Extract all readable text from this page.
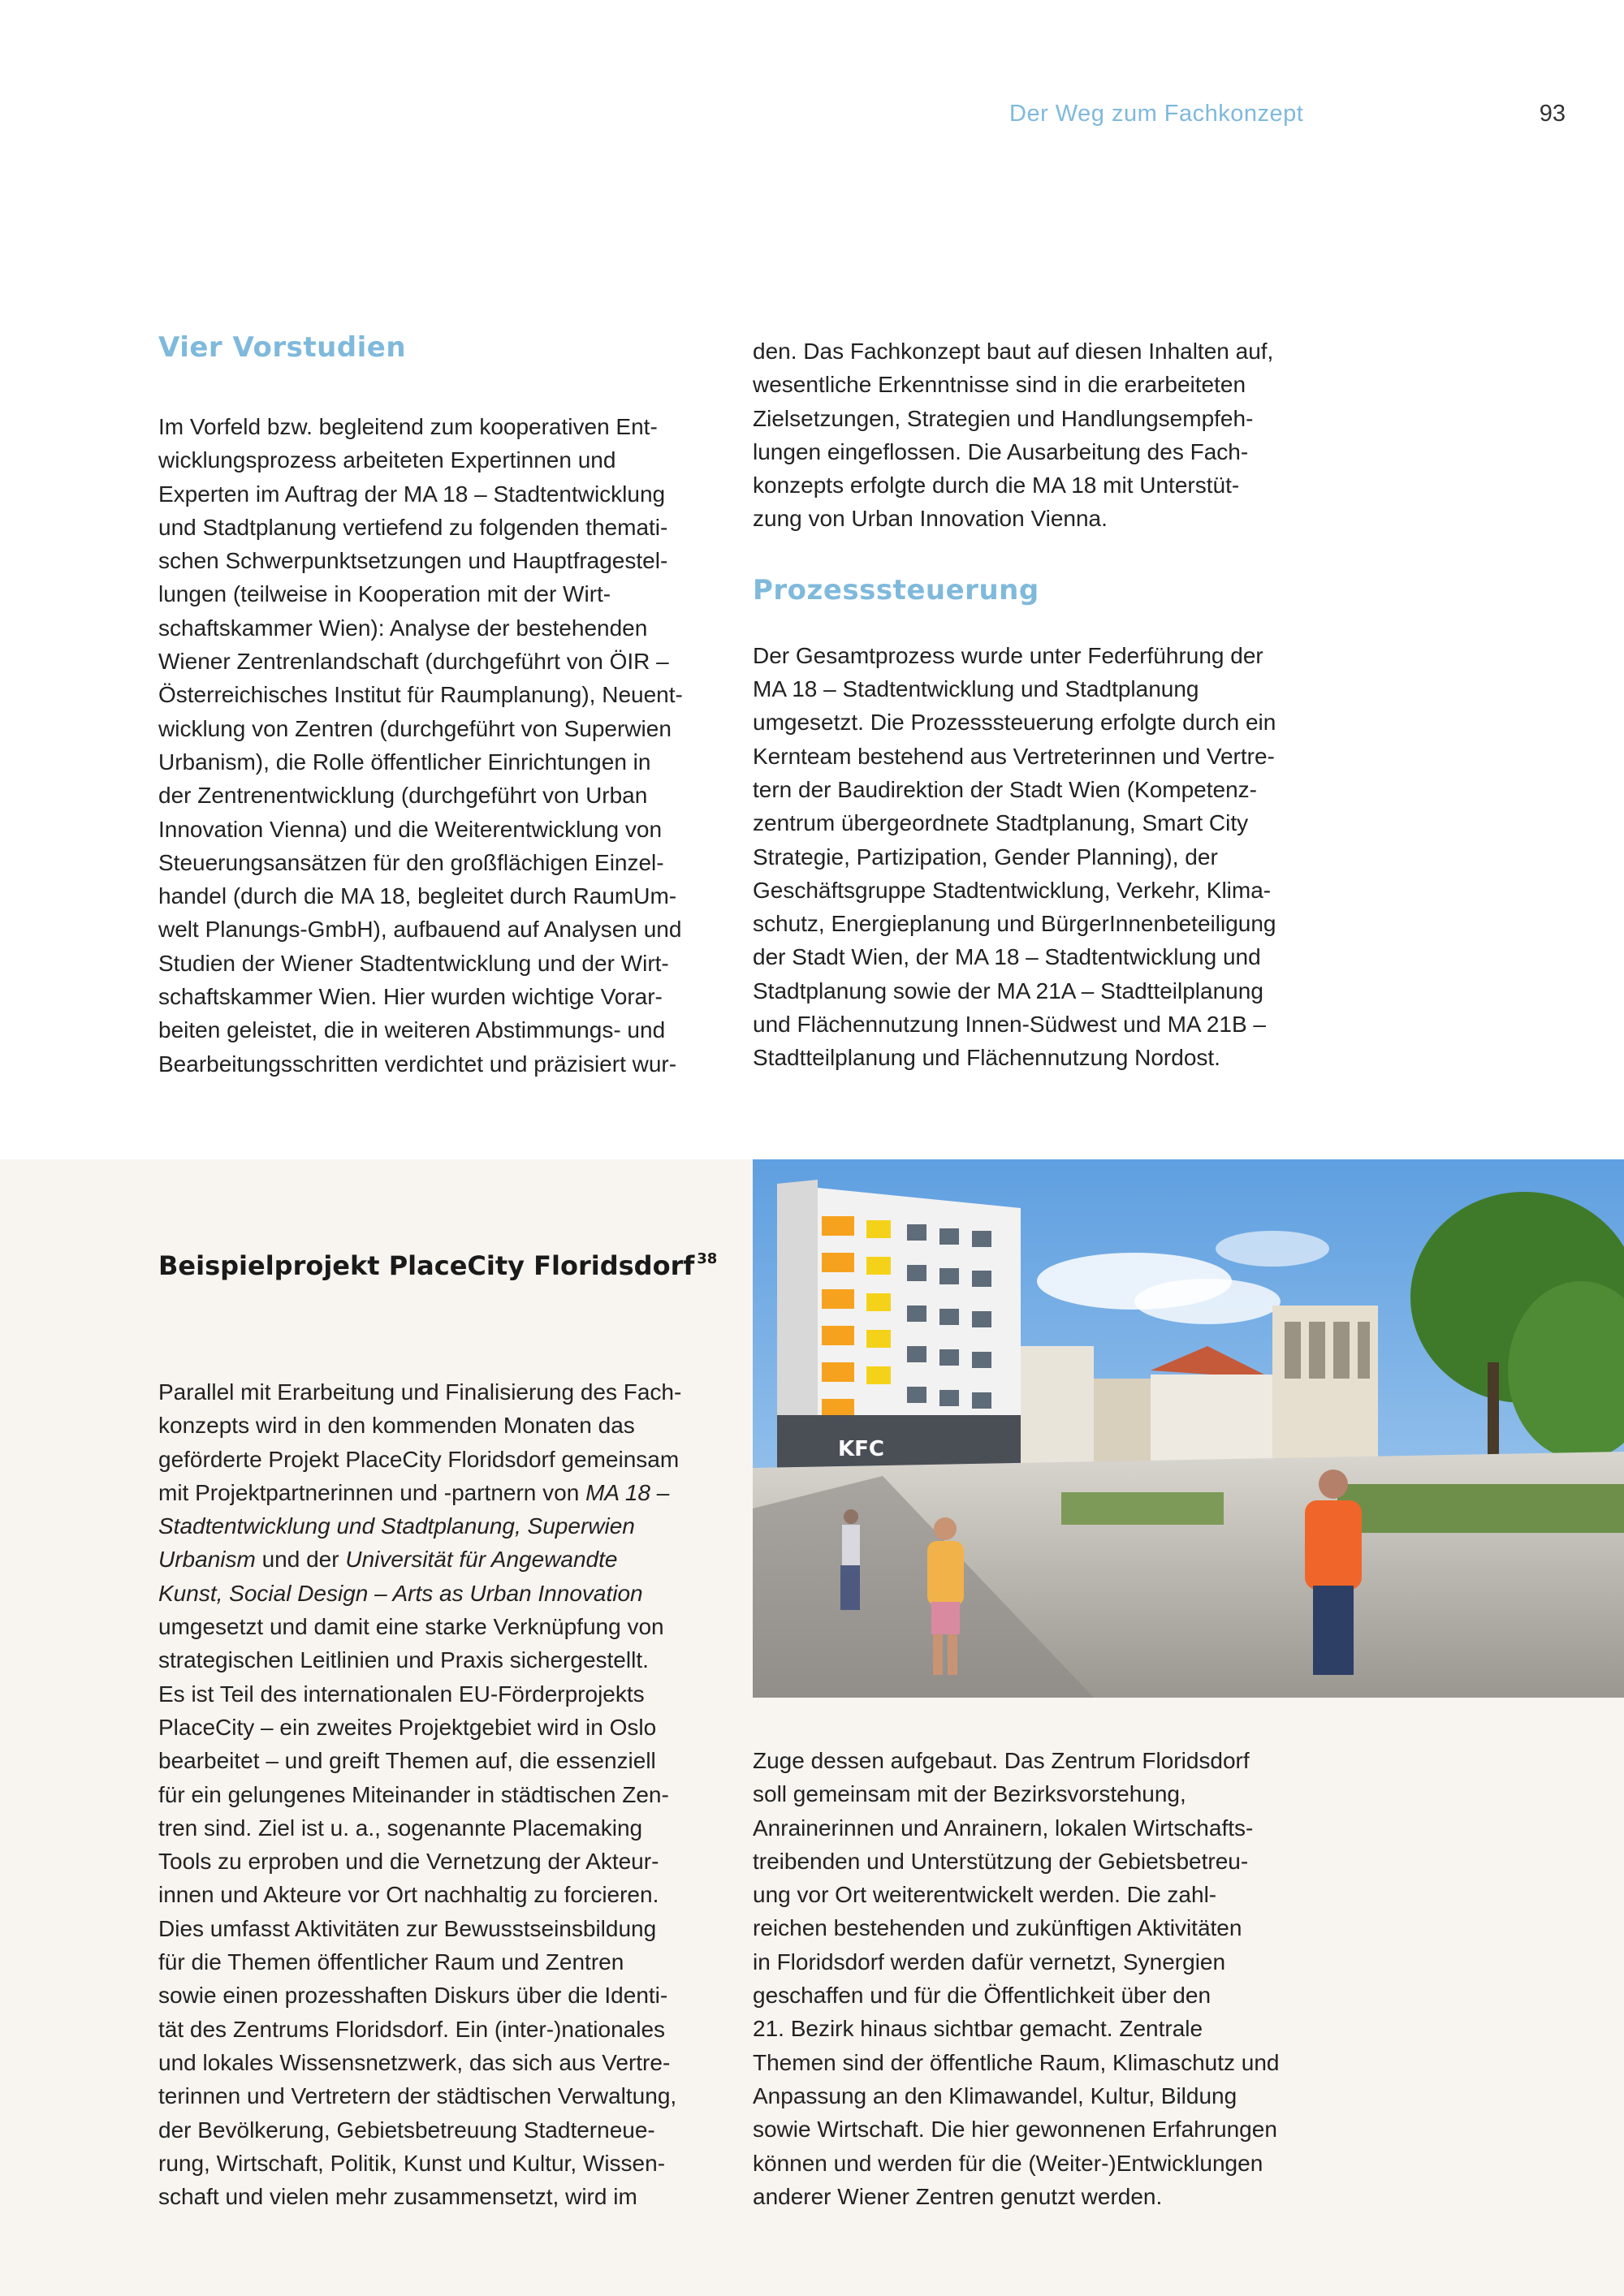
Der Weg zum Fachkonzept	93
Vier Vorstudien

Im Vorfeld bzw. begleitend zum kooperativen Ent-
wicklungsprozess arbeiteten Expertinnen und
Experten im Auftrag der MA 18 – Stadtentwicklung
und Stadtplanung vertiefend zu folgenden themati-
schen Schwerpunktsetzungen und Hauptfragestel-
lungen (teilweise in Kooperation mit der Wirt-
schaftskammer Wien): Analyse der bestehenden
Wiener Zentrenlandschaft (durchgeführt von ÖIR –
Österreichisches Institut für Raumplanung), Neuent-
wicklung von Zentren (durchgeführt von Superwien
Urbanism), die Rolle öffentlicher Einrichtungen in
der Zentrenentwicklung (durchgeführt von Urban
Innovation Vienna) und die Weiterentwicklung von
Steuerungsansätzen für den großflächigen Einzel-
handel (durch die MA 18, begleitet durch RaumUm-
welt Planungs-GmbH), aufbauend auf Analysen und
Studien der Wiener Stadtentwicklung und der Wirt-
schaftskammer Wien. Hier wurden wichtige Vorar-
beiten geleistet, die in weiteren Abstimmungs- und
Bearbeitungsschritten verdichtet und präzisiert wur-

den. Das Fachkonzept baut auf diesen Inhalten auf,
wesentliche Erkenntnisse sind in die erarbeiteten
Zielsetzungen, Strategien und Handlungsempfeh-
lungen eingeflossen. Die Ausarbeitung des Fach-
konzepts erfolgte durch die MA 18 mit Unterstüt-
zung von Urban Innovation Vienna.

Prozesssteuerung

Der Gesamtprozess wurde unter Federführung der
MA 18 – Stadtentwicklung und Stadtplanung
umgesetzt. Die Prozesssteuerung erfolgte durch ein
Kernteam bestehend aus Vertreterinnen und Vertre-
tern der Baudirektion der Stadt Wien (Kompetenz-
zentrum übergeordnete Stadtplanung, Smart City
Strategie, Partizipation, Gender Planning), der
Geschäftsgruppe Stadtentwicklung, Verkehr, Klima-
schutz, Energieplanung und BürgerInnenbeteiligung
der Stadt Wien, der MA 18 – Stadtentwicklung und
Stadtplanung sowie der MA 21A – Stadtteilplanung
und Flächennutzung Innen-Südwest und MA 21B –
Stadtteilplanung und Flächennutzung Nordost.

KFC
Beispielprojekt PlaceCity Floridsdorf $^{38}$

Parallel mit Erarbeitung und Finalisierung des Fach-
konzepts wird in den kommenden Monaten das
geförderte Projekt PlaceCity Floridsdorf gemeinsam
mit Projektpartnerinnen und -partnern von MA 18 –
Stadtentwicklung und Stadtplanung, Superwien
Urbanism und der Universität für Angewandte
Kunst, Social Design – Arts as Urban Innovation
umgesetzt und damit eine starke Verknüpfung von
strategischen Leitlinien und Praxis sichergestellt.
Es ist Teil des internationalen EU-Förderprojekts
PlaceCity – ein zweites Projektgebiet wird in Oslo
bearbeitet – und greift Themen auf, die essenziell
für ein gelungenes Miteinander in städtischen Zen-
tren sind. Ziel ist u. a., sogenannte Placemaking
Tools zu erproben und die Vernetzung der Akteur-
innen und Akteure vor Ort nachhaltig zu forcieren.
Dies umfasst Aktivitäten zur Bewusstseinsbildung
für die Themen öffentlicher Raum und Zentren
sowie einen prozesshaften Diskurs über die Identi-
tät des Zentrums Floridsdorf. Ein (inter-)nationales
und lokales Wissensnetzwerk, das sich aus Vertre-
terinnen und Vertretern der städtischen Verwaltung,
der Bevölkerung, Gebietsbetreuung Stadterneue-
rung, Wirtschaft, Politik, Kunst und Kultur, Wissen-
schaft und vielen mehr zusammensetzt, wird im

Zuge dessen aufgebaut. Das Zentrum Floridsdorf
soll gemeinsam mit der Bezirksvorstehung,
Anrainerinnen und Anrainern, lokalen Wirtschafts-
treibenden und Unterstützung der Gebietsbetreu-
ung vor Ort weiterentwickelt werden. Die zahl-
reichen bestehenden und zukünftigen Aktivitäten
in Floridsdorf werden dafür vernetzt, Synergien
geschaffen und für die Öffentlichkeit über den
21. Bezirk hinaus sichtbar gemacht. Zentrale
Themen sind der öffentliche Raum, Klimaschutz und
Anpassung an den Klimawandel, Kultur, Bildung
sowie Wirtschaft. Die hier gewonnenen Erfahrungen
können und werden für die (Weiter-)Entwicklungen
anderer Wiener Zentren genutzt werden.
